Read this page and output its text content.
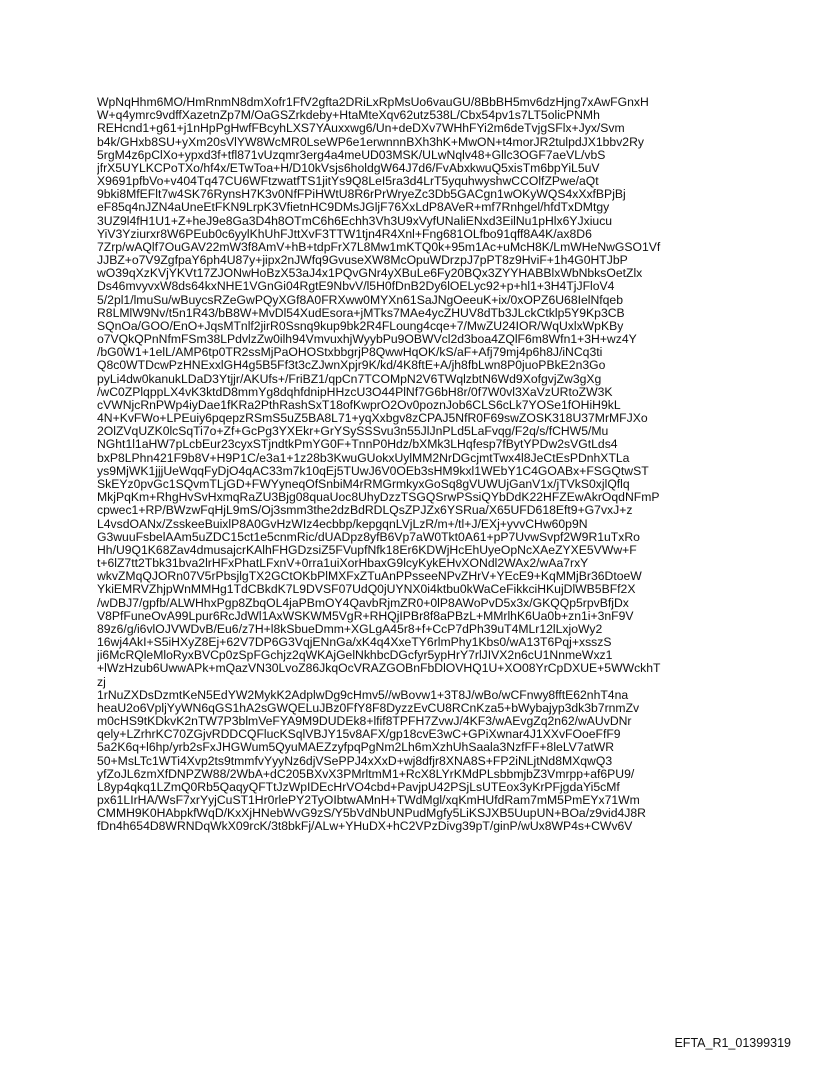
WpNqHhm6MO/HmRnmN8dmXofr1FfV2gfta2DRiLxRpMsUo6vauGU/8BbBH5mv6dzHjng7xAwFGnxH
W+q4ymrc9vdffXazetnZp7M/OaGSZrkdeby+HtaMteXqv62utz538L/Cbx54pv1s7LT5olicPNMh
REHcnd1+g61+j1nHpPgHwfFBcyhLXS7YAuxxwg6/Un+deDXv7WHhFYi2m6deTvjgSFlx+Jyx/Svm
b4k/GHxb8SU+yXm20sVlYW8WcMR0LseWP6e1erwnnnBXh3hK+MwON+t4morJR2tulpdJX1bbv2Ry
5rgM4z6pClXo+ypxd3f+tfl871vUzqmr3erg4a4meUD03MSK/ULwNqlv48+Gllc3OGF7aeVL/vbS
jfrX5UYLKCPoTXo/hf4x/ETwToa+H/D10kVsjs6holdgW64J7d6/FvAbxkwuQ5xisTm6bpYiL5uV
X9691pfbVo+v404Tq47CU6WFtzwatfTS1jitYs9Q8LeI5ra3d4LrT5yquhwyshwCCOlfZPwe/aQt
9bki8MfEFlt7w4SK76RynsH7K3v0NfFPiHWtU8R6rPrWryeZc3Db5GACgn1wOKyWQS4xXxfBPjBj
eF85q4nJZN4aUneEtFKN9LrpK3VfietnHC9DMsJGljF76XxLdP8AVeR+mf7Rnhgel/hfdTxDMtgy
3UZ9l4fH1U1+Z+heJ9e8Ga3D4h8OTmC6h6Echh3Vh3U9xVyfUNaliENxd3EilNu1pHlx6YJxiucu
YiV3Yziurxr8W6PEub0c6yylKhUhFJttXvF3TTW1tjn4R4Xnl+Fng681OLfbo91qff8A4K/ax8D6
7Zrp/wAQlf7OuGAV22mW3f8AmV+hB+tdpFrX7L8Mw1mKTQ0k+95m1Ac+uMcH8K/LmWHeNwGSO1Vf
JJBZ+o7V9ZgfpaY6ph4U87y+jipx2nJWfq9GvuseXW8McOpuWDrzpJ7pPT8z9HviF+1h4G0HTJbP
wO39qXzKVjYKVt17ZJONwHoBzX53aJ4x1PQvGNr4yXBuLe6Fy20BQx3ZYYHABBlxWbNbksOetZlx
Ds46mvyvxW8ds64kxNHE1VGnGi04RgtE9NbvV/l5H0fDnB2Dy6lOELyc92+p+hl1+3H4TjJFloV4
5/2pl1/lmuSu/wBuycsRZeGwPQyXGf8A0FRXww0MYXn61SaJNgOeeuK+ix/0xOPZ6U68IelNfqeb
R8LMlW9Nv/t5n1R43/bB8W+MvDl54XudEsora+jMTks7MAe4ycZHUV8dTb3JLckCtklp5Y9Kp3CB
SQnOa/GOO/EnO+JqsMTnlf2jirR0Ssnq9kup9bk2R4FLoung4cqe+7/MwZU24IOR/WqUxlxWpKBy
o7VQkQPnNfmFSm38LPdvlzZw0ilh94VmvuxhjWyybPu9OBWVcl2d3boa4ZQlF6m8Wfn1+3H+wz4Y
/bG0W1+1elL/AMP6tp0TR2ssMjPaOHOStxbbgrjP8QwwHqOK/kS/aF+Afj79mj4p6h8J/iNCq3ti
Q8c0WTDcwPzHNExxlGH4g5B5Ff3t3cZJwnXpjr9K/kd/4K8ftE+A/jh8fbLwn8P0juoPBkE2n3Go
pyLi4dw0kanukLDaD3Ytjjr/AKUfs+/FriBZ1/qpCn7TCOMpN2V6TWqlzbtN6Wd9XofgvjZw3gXg
/wC0ZPlqppLX4vK3ktdD8mmYg8dqhfdnipHHzcU3O44PlNf7G6bH8r/0f7W0vl3XaVzURtoZW3K
cVWNjcRnPWp4iyDae1fKRa2PthRashSxT18ofKwprO2Ov0poznJob6CLS6cLk7YOSe1fOHiH9kL
4N+KvFWo+LPEuiy6pqepzRSmS5uZ5BA8L71+yqXxbgv8zCPAJ5NfR0F69swZOSK318U37MrMFJXo
2OlZVqUZK0lcSqTi7o+Zf+GcPg3YXEkr+GrYSySSSvu3n55JlJnPLd5LaFvqg/F2q/s/fCHW5/Mu
NGht1l1aHW7pLcbEur23cyxSTjndtkPmYG0F+TnnP0Hdz/bXMk3LHqfesp7fBytYPDw2sVGtLds4
bxP8LPhn421F9b8V+H9P1C/e3a1+1z28b3KwuGUokxUylMM2NrDGcjmtTwx4l8JeCtEsPDnhXTLa
ys9MjWK1jjjUeWqqFyDjO4qAC33m7k10qEj5TUwJ6V0OEb3sHM9kxl1WEbY1C4GOABx+FSGQtwST
SkEYz0pvGc1SQvmTLjGD+FWYyneqOfSnbiM4rRMGrmkyxGoSq8gVUWUjGanV1x/jTVkS0xjlQflq
MkjPqKm+RhgHvSvHxmqRaZU3Bjg08quaUoc8UhyDzzTSGQSrwPSsiQYbDdK22HFZEwAkrOqdNFmP
cpwec1+RP/BWzwFqHjL9mS/Oj3smm3the2dzBdRDLQsZPJZx6YSRua/X65UFD618Eft9+G7vxJ+z
L4vsdOANx/ZsskeeBuixlP8A0GvHzWIz4ecbbp/kepgqnLVjLzR/m+/tl+J/EXj+yvvCHw60p9N
G3wuuFsbelAAm5uZDC15ct1e5cnmRic/dUADpz8yfB6Vp7aW0Tkt0A61+pP7UvwSvpf2W9R1uTxRo
Hh/U9Q1K68Zav4dmusajcrKAlhFHGDzsiZ5FVupfNfk18Er6KDWjHcEhUyeOpNcXAeZYXE5VWw+F
t+6lZ7tt2Tbk31bva2lrHFxPhatLFxnV+0rra1uiXorHbaxG9lcyKykEHvXONdl2WAx2/wAa7rxY
wkvZMqQJORn07V5rPbsjlgTX2GCtOKbPlMXFxZTuAnPPsseeNPvZHrV+YEcE9+KqMMjBr36DtoeW
YkiEMRVZhjpWnMMHg1TdCBkdK7L9DVSF07UdQ0jUYNX0i4ktbu0kWaCeFikkciHKujDlWB5BFf2X
/wDBJ7/gpfb/ALWHhxPgp8ZbqOL4jaPBmOY4QavbRjmZR0+0lP8AWoPvD5x3x/GKQQp5rpvBfjDx
V8PfFuneOvA99Lpur6RcJdWl1AxWSKWM5VgR+RHQjIPBr8f8aPBzL+MMrlhK6Ua0b+zn1i+3nF9V
89z6/g/i6vlOJVWDvB/Eu6/z7H+l8kSbueDmm+XGLgA45r8+f+CcP7dPh39uT4MLr12lLxjoWy2
16wj4AkI+S5iHXyZ8Ej+62V7DP6G3VqjENnGa/xK4q4XxeTY6rlmPhy1Kbs0/wA13T6Pqj+xsszS
ji6McRQleMloRyxBVCp0zSpFGchjz2qWKAjGelNkhbcDGcfyr5ypHrY7rlJIVX2n6cU1NnmeWxz1
+lWzHzub6UwwAPk+mQazVN30LvoZ86JkqOcVRAZGOBnFbDlOVHQ1U+XO08YrCpDXUE+5WWckhT
zj
1rNuZXDsDzmtKeN5EdYW2MykK2AdplwDg9cHmv5//wBovw1+3T8J/wBo/wCFnwy8fftE62nhT4na
heaU2o6VpljYyWN6qGS1hA2sGWQELuJBz0FfY8F8DyzzEvCU8RCnKza5+bWybajyp3dk3b7rnmZv
m0cHS9tKDkvK2nTW7P3blmVeFYA9M9DUDEk8+lfif8TPFH7ZvwJ/4KF3/wAEvgZq2n62/wAUvDNr
qely+LZrhrKC70ZGjvRDDCQFlucKSqlVBJY15v8AFX/gp18cvE3wC+GPiXwnar4J1XXvFOoeFfF9
5a2K6q+l6hp/yrb2sFxJHGWum5QyuMAEZzyfpqPgNm2Lh6mXzhUhSaala3NzfFF+8leLV7atWR
50+MsLTc1WTi4Xvp2ts9tmmfvYyyNz6djVSePPJ4xXxD+wj8dfjr8XNA8S+FP2iNLjtNd8MXqwQ3
yfZoJL6zmXfDNPZW88/2WbA+dC205BXvX3PMrltmM1+RcX8LYrKMdPLsbbmjbZ3Vmrpp+af6PU9/
L8yp4qkq1LZmQ0Rb5QaqyQFTtJzWpIDEcHrVO4cbd+PavjpU42PSjLsUTEox3yKrPFjgdaYi5cMf
px61LIrHA/WsF7xrYyjCuST1Hr0rlePY2TyOIbtwAMnH+TWdMgl/xqKmHUfdRam7mM5PmEYx71Wm
CMMH9K0HAbpkfWqD/KxXjHNebWvG9zS/Y5bVdNbUNPudMgfy5LiKSJXB5UupUN+BOa/z9vid4J8R
fDn4h654D8WRNDqWkX09rcK/3t8bkFj/ALw+YHuDX+hC2VPzDivg39pT/ginP/wUx8WP4s+CWv6V
EFTA_R1_01399319
